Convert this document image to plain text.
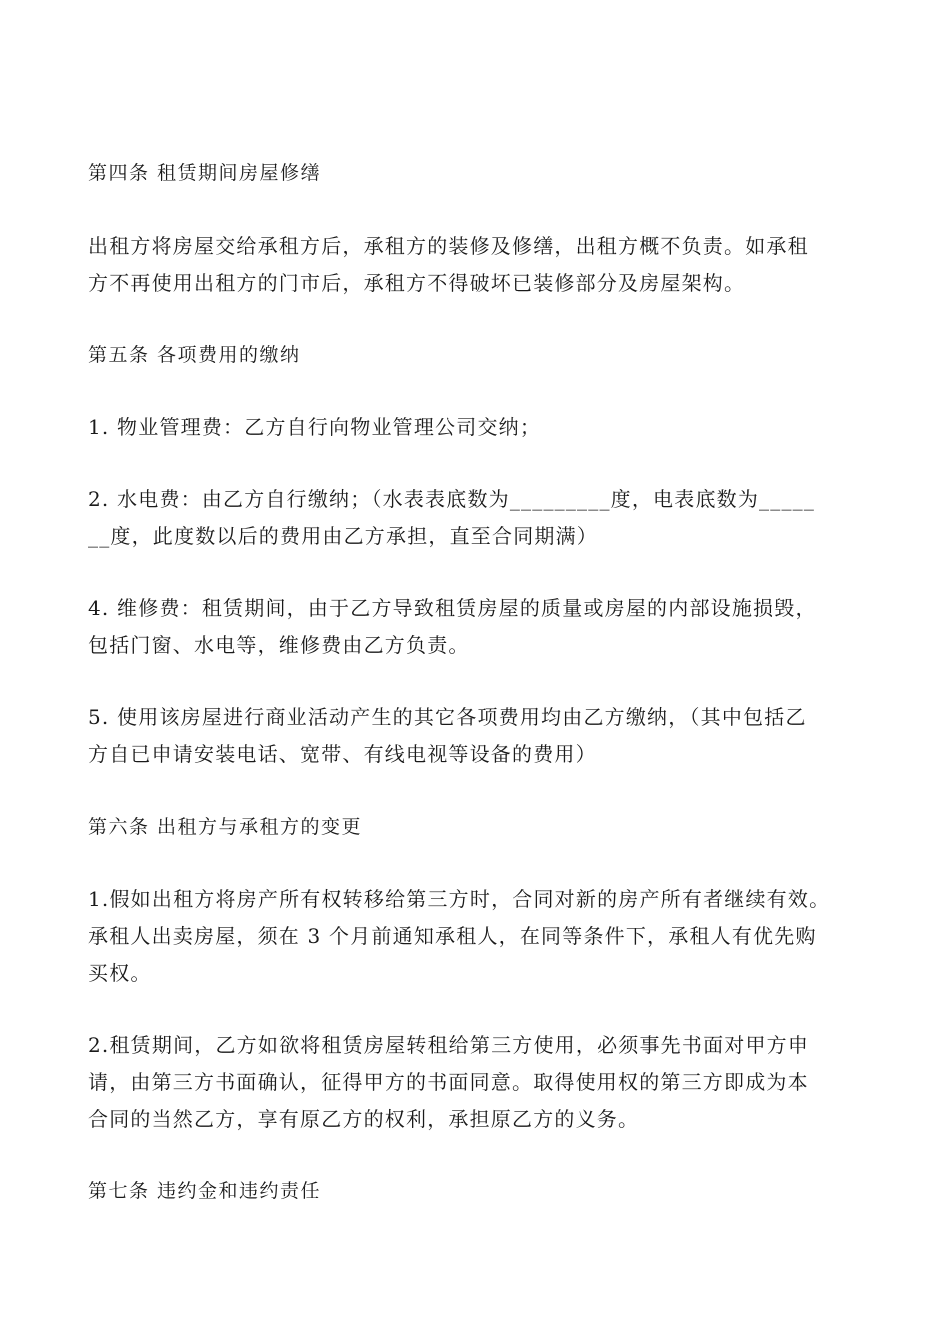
第四条 租赁期间房屋修缮
出租方将房屋交给承租方后，承租方的装修及修缮，出租方概不负责。如承租
方不再使用出租方的门市后，承租方不得破坏已装修部分及房屋架构。
第五条 各项费用的缴纳
1. 物业管理费：乙方自行向物业管理公司交纳；
2. 水电费：由乙方自行缴纳；（水表表底数为_________度，电表底数为_____
__度，此度数以后的费用由乙方承担，直至合同期满）
4. 维修费：租赁期间，由于乙方导致租赁房屋的质量或房屋的内部设施损毁，
包括门窗、水电等，维修费由乙方负责。
5. 使用该房屋进行商业活动产生的其它各项费用均由乙方缴纳，（其中包括乙
方自已申请安装电话、宽带、有线电视等设备的费用）
第六条 出租方与承租方的变更
1.假如出租方将房产所有权转移给第三方时，合同对新的房产所有者继续有效。
承租人出卖房屋，须在 3 个月前通知承租人，在同等条件下，承租人有优先购
买权。
2.租赁期间，乙方如欲将租赁房屋转租给第三方使用，必须事先书面对甲方申
请，由第三方书面确认，征得甲方的书面同意。取得使用权的第三方即成为本
合同的当然乙方，享有原乙方的权利，承担原乙方的义务。
第七条 违约金和违约责任
